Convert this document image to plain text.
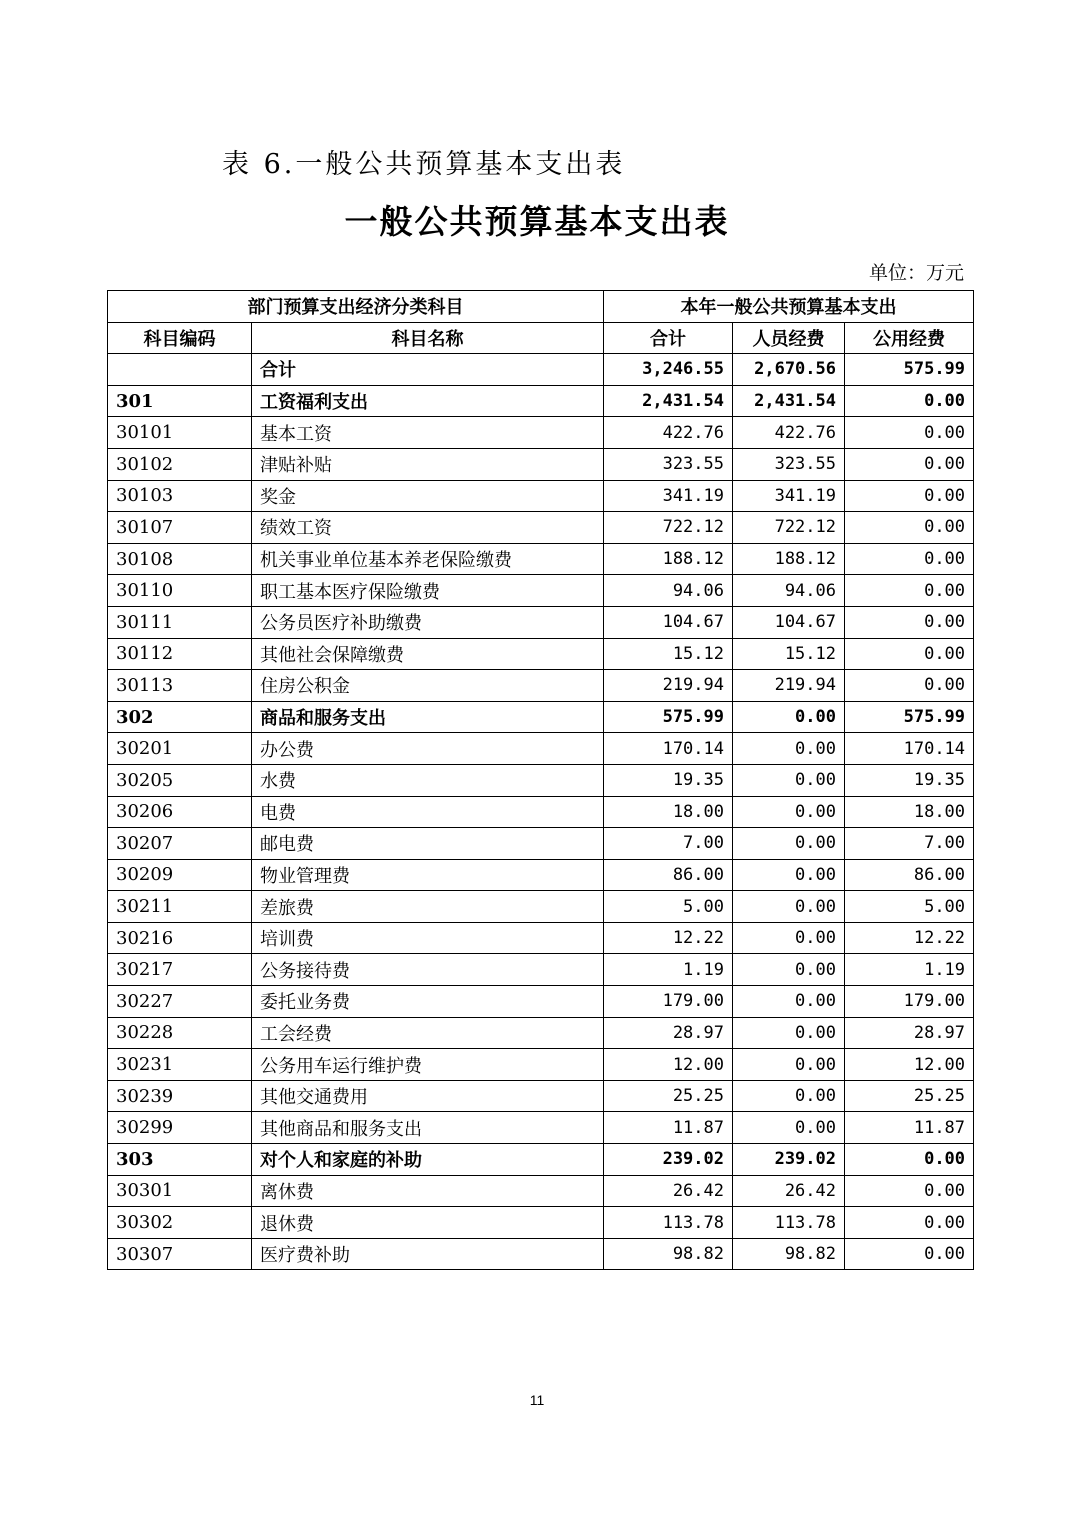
表 6.一般公共预算基本支出表
一般公共预算基本支出表
单位：万元
部门预算支出经济分类科目		本年一般公共预算基本支出		
科目编码	科目名称	合计	人员经费	公用经费
	合计	3,246.55	2,670.56	575.99
301	工资福利支出	2,431.54	2,431.54	0.00
30101	基本工资	422.76	422.76	0.00
30102	津贴补贴	323.55	323.55	0.00
30103	奖金	341.19	341.19	0.00
30107	绩效工资	722.12	722.12	0.00
30108	机关事业单位基本养老保险缴费	188.12	188.12	0.00
30110	职工基本医疗保险缴费	94.06	94.06	0.00
30111	公务员医疗补助缴费	104.67	104.67	0.00
30112	其他社会保障缴费	15.12	15.12	0.00
30113	住房公积金	219.94	219.94	0.00
302	商品和服务支出	575.99	0.00	575.99
30201	办公费	170.14	0.00	170.14
30205	水费	19.35	0.00	19.35
30206	电费	18.00	0.00	18.00
30207	邮电费	7.00	0.00	7.00
30209	物业管理费	86.00	0.00	86.00
30211	差旅费	5.00	0.00	5.00
30216	培训费	12.22	0.00	12.22
30217	公务接待费	1.19	0.00	1.19
30227	委托业务费	179.00	0.00	179.00
30228	工会经费	28.97	0.00	28.97
30231	公务用车运行维护费	12.00	0.00	12.00
30239	其他交通费用	25.25	0.00	25.25
30299	其他商品和服务支出	11.87	0.00	11.87
303	对个人和家庭的补助	239.02	239.02	0.00
30301	离休费	26.42	26.42	0.00
30302	退休费	113.78	113.78	0.00
30307	医疗费补助	98.82	98.82	0.00
11
